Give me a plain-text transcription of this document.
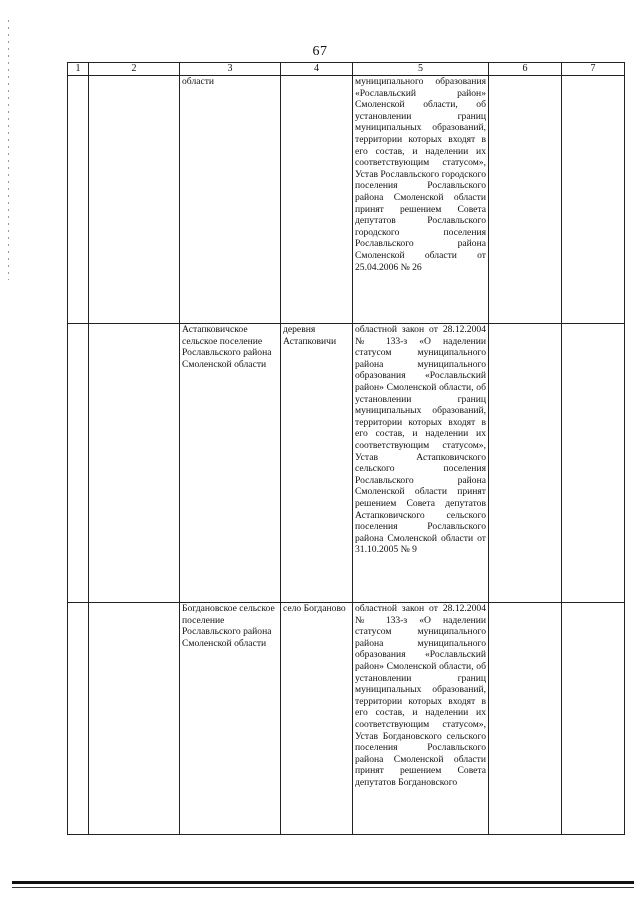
67
1	2	3	4	5	6	7
		области		муниципального образования «Рославльский район» Смоленской области, об установлении границ муниципальных образований, территории которых входят в его состав, и наделении их соответствующим статусом», Устав Рославльского городского поселения Рославльского района Смоленской области принят решением Совета депутатов Рославльского городского поселения Рославльского района Смоленской области от 25.04.2006 № 26		
		Астапковичское сельское поселение Рославльского района Смоленской области	деревня Астапковичи	областной закон от 28.12.2004 № 133-з «О наделении статусом муниципального района муниципального образования «Рославльский район» Смоленской области, об установлении границ муниципальных образований, территории которых входят в его состав, и наделении их соответствующим статусом», Устав Астапковичского сельского поселения Рославльского района Смоленской области принят решением Совета депутатов Астапковичского сельского поселения Рославльского района Смоленской области от 31.10.2005 № 9		
		Богдановское сельское поселение Рославльского района Смоленской области	село Богданово	областной закон от 28.12.2004 № 133-з «О наделении статусом муниципального района муниципального образования «Рославльский район» Смоленской области, об установлении границ муниципальных образований, территории которых входят в его состав, и наделении их соответствующим статусом», Устав Богдановского сельского поселения Рославльского района Смоленской области принят решением Совета депутатов Богдановского		
